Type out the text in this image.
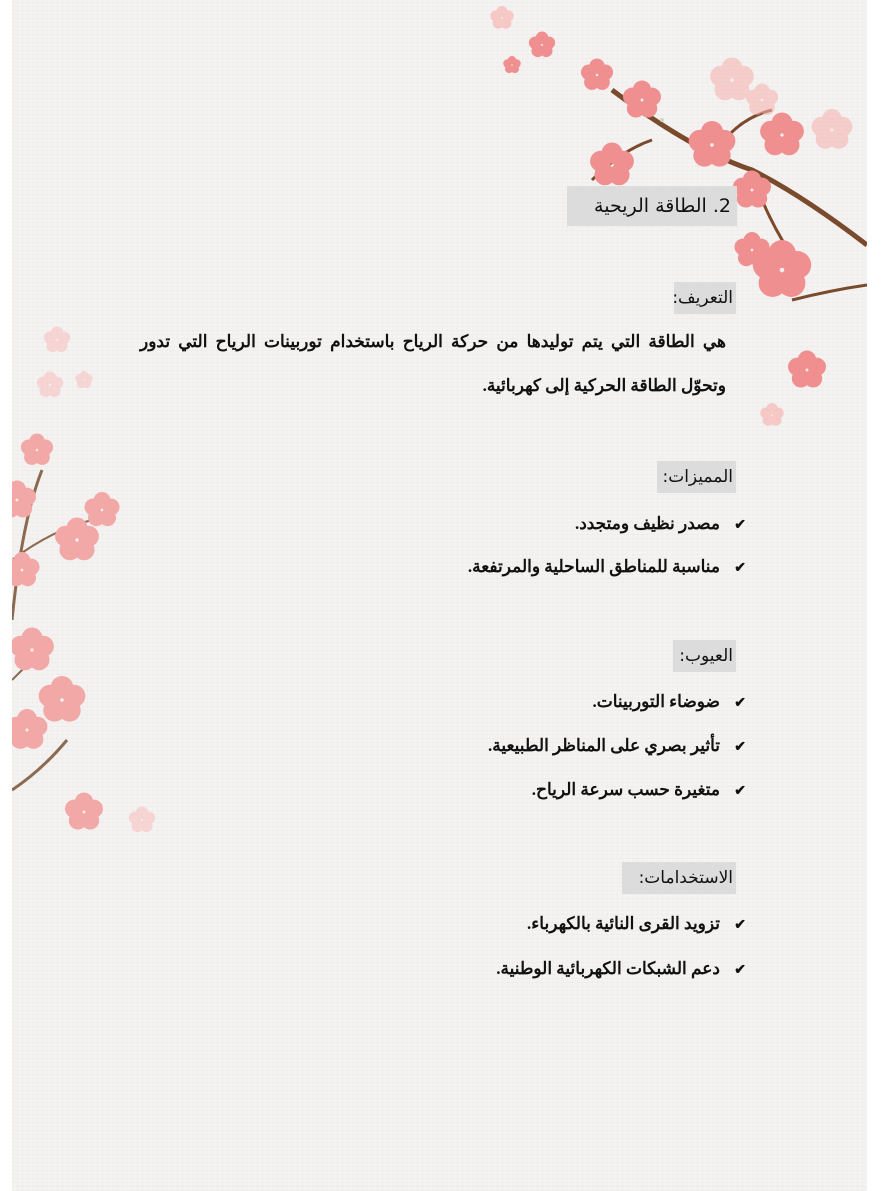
2. الطاقة الريحية
التعريف:
هي الطاقة التي يتم توليدها من حركة الرياح باستخدام توربينات الرياح التي تدور وتحوّل الطاقة الحركية إلى كهربائية.
المميزات:
✔مصدر نظيف ومتجدد.
✔مناسبة للمناطق الساحلية والمرتفعة.
العيوب:
✔ضوضاء التوربينات.
✔تأثير بصري على المناظر الطبيعية.
✔متغيرة حسب سرعة الرياح.
الاستخدامات:
✔تزويد القرى النائية بالكهرباء.
✔دعم الشبكات الكهربائية الوطنية.
